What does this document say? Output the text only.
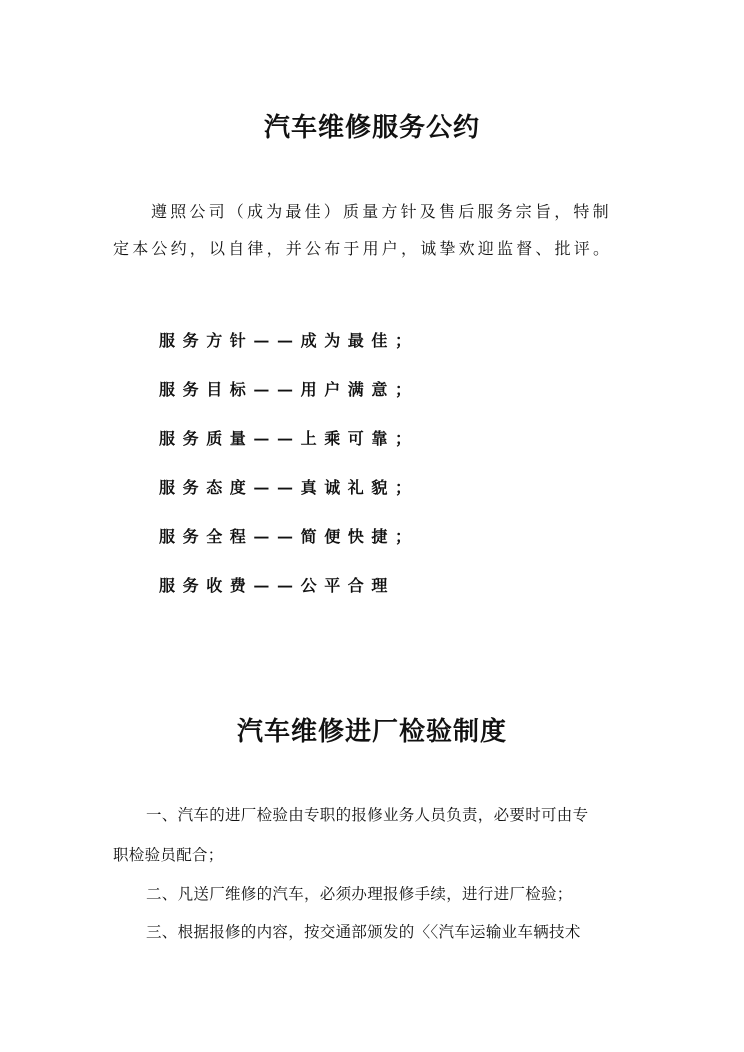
汽车维修服务公约
遵照公司（成为最佳）质量方针及售后服务宗旨，特制
定本公约，以自律，并公布于用户，诚挚欢迎监督、批评。
服务方针——成为最佳；
服务目标——用户满意；
服务质量——上乘可靠；
服务态度——真诚礼貌；
服务全程——简便快捷；
服务收费——公平合理
汽车维修进厂检验制度
一、汽车的进厂检验由专职的报修业务人员负责，必要时可由专
职检验员配合；
二、凡送厂维修的汽车，必须办理报修手续，进行进厂检验；
三、根据报修的内容，按交通部颁发的〈〈汽车运输业车辆技术
